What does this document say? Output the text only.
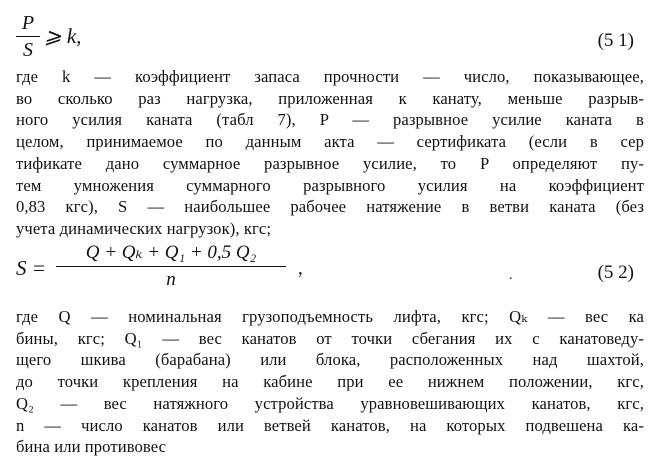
P
S
⩾ k,	(5 1)
где k — коэффициент запаса прочности — число, показывающее,
во сколько раз нагрузка, приложенная к канату, меньше разрыв-
ного усилия каната (табл 7), P — разрывное усилие каната в
целом, принимаемое по данным акта — сертификата (если в сер
тификате дано суммарное разрывное усилие, то P определяют пу-
тем умножения суммарного разрывного усилия на коэффициент
0,83 кгс), S — наибольшее рабочее натяжение в ветви каната (без
учета динамических нагрузок), кгс;
S =
Q + Qₖ + Q₁ + 0,5 Q₂
n
,	.	(5 2)
где Q — номинальная грузоподъемность лифта, кгс; Qₖ — вес ка
бины, кгс; Q₁ — вес канатов от точки сбегания их с канатоведу-
щего шкива (барабана) или блока, расположенных над шахтой,
до точки крепления на кабине при ее нижнем положении, кгс,
Q₂ — вес натяжного устройства уравновешивающих канатов, кгс,
n — число канатов или ветвей канатов, на которых подвешена ка-
бина или противовес
